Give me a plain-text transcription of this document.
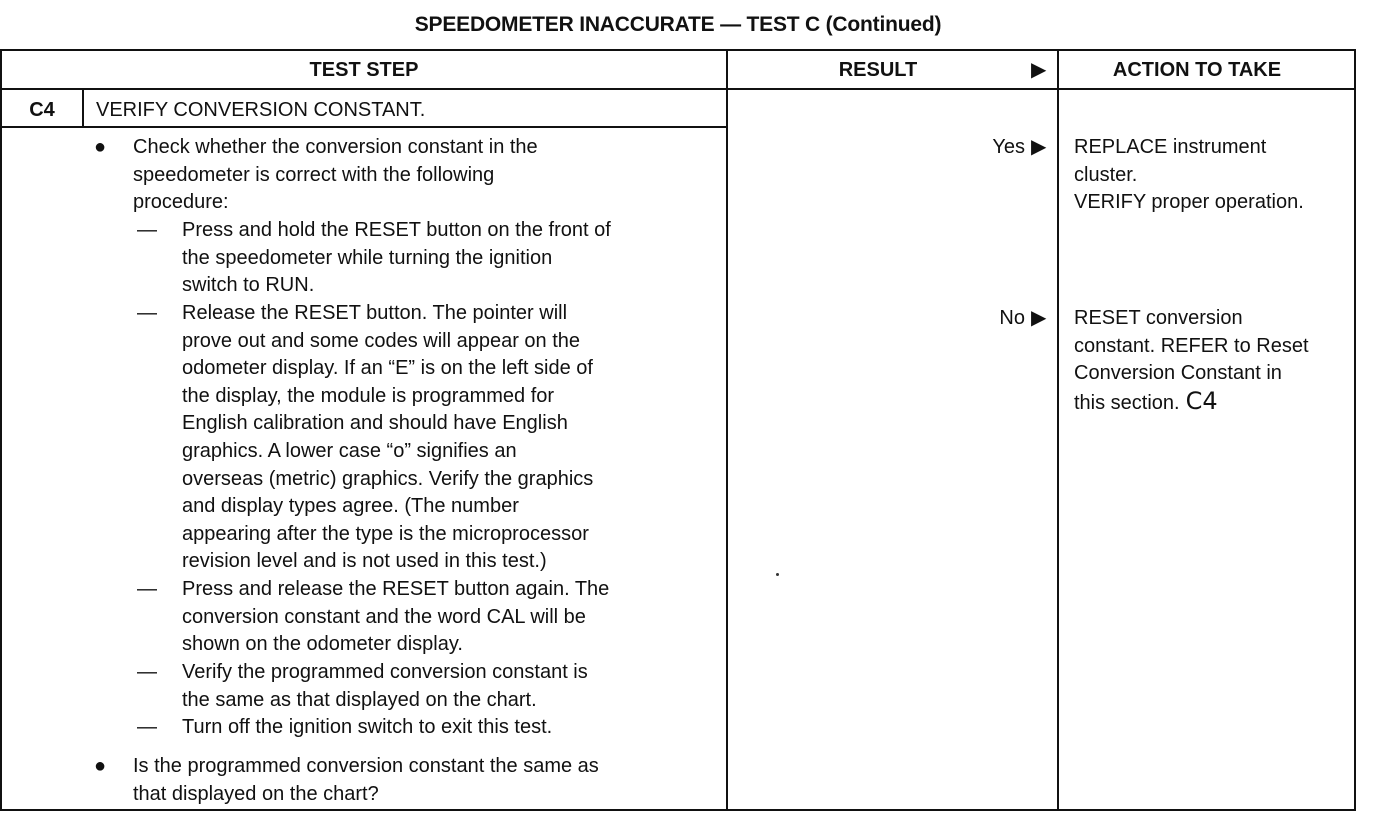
SPEEDOMETER INACCURATE — TEST C (Continued)
TEST STEP	RESULT	▶	ACTION TO TAKE
C4	VERIFY CONVERSION CONSTANT.
● Check whether the conversion constant in the
speedometer is correct with the following
procedure:
— Press and hold the RESET button on the front of
the speedometer while turning the ignition
switch to RUN.
— Release the RESET button. The pointer will
prove out and some codes will appear on the
odometer display. If an “E” is on the left side of
the display, the module is programmed for
English calibration and should have English
graphics. A lower case “o” signifies an
overseas (metric) graphics. Verify the graphics
and display types agree. (The number
appearing after the type is the microprocessor
revision level and is not used in this test.)
— Press and release the RESET button again. The
conversion constant and the word CAL will be
shown on the odometer display.
— Verify the programmed conversion constant is
the same as that displayed on the chart.
— Turn off the ignition switch to exit this test.
● Is the programmed conversion constant the same as
that displayed on the chart?
Yes ▶ REPLACE instrument
cluster.
VERIFY proper operation.
No ▶ RESET conversion
constant. REFER to Reset
Conversion Constant in
this section. C4
